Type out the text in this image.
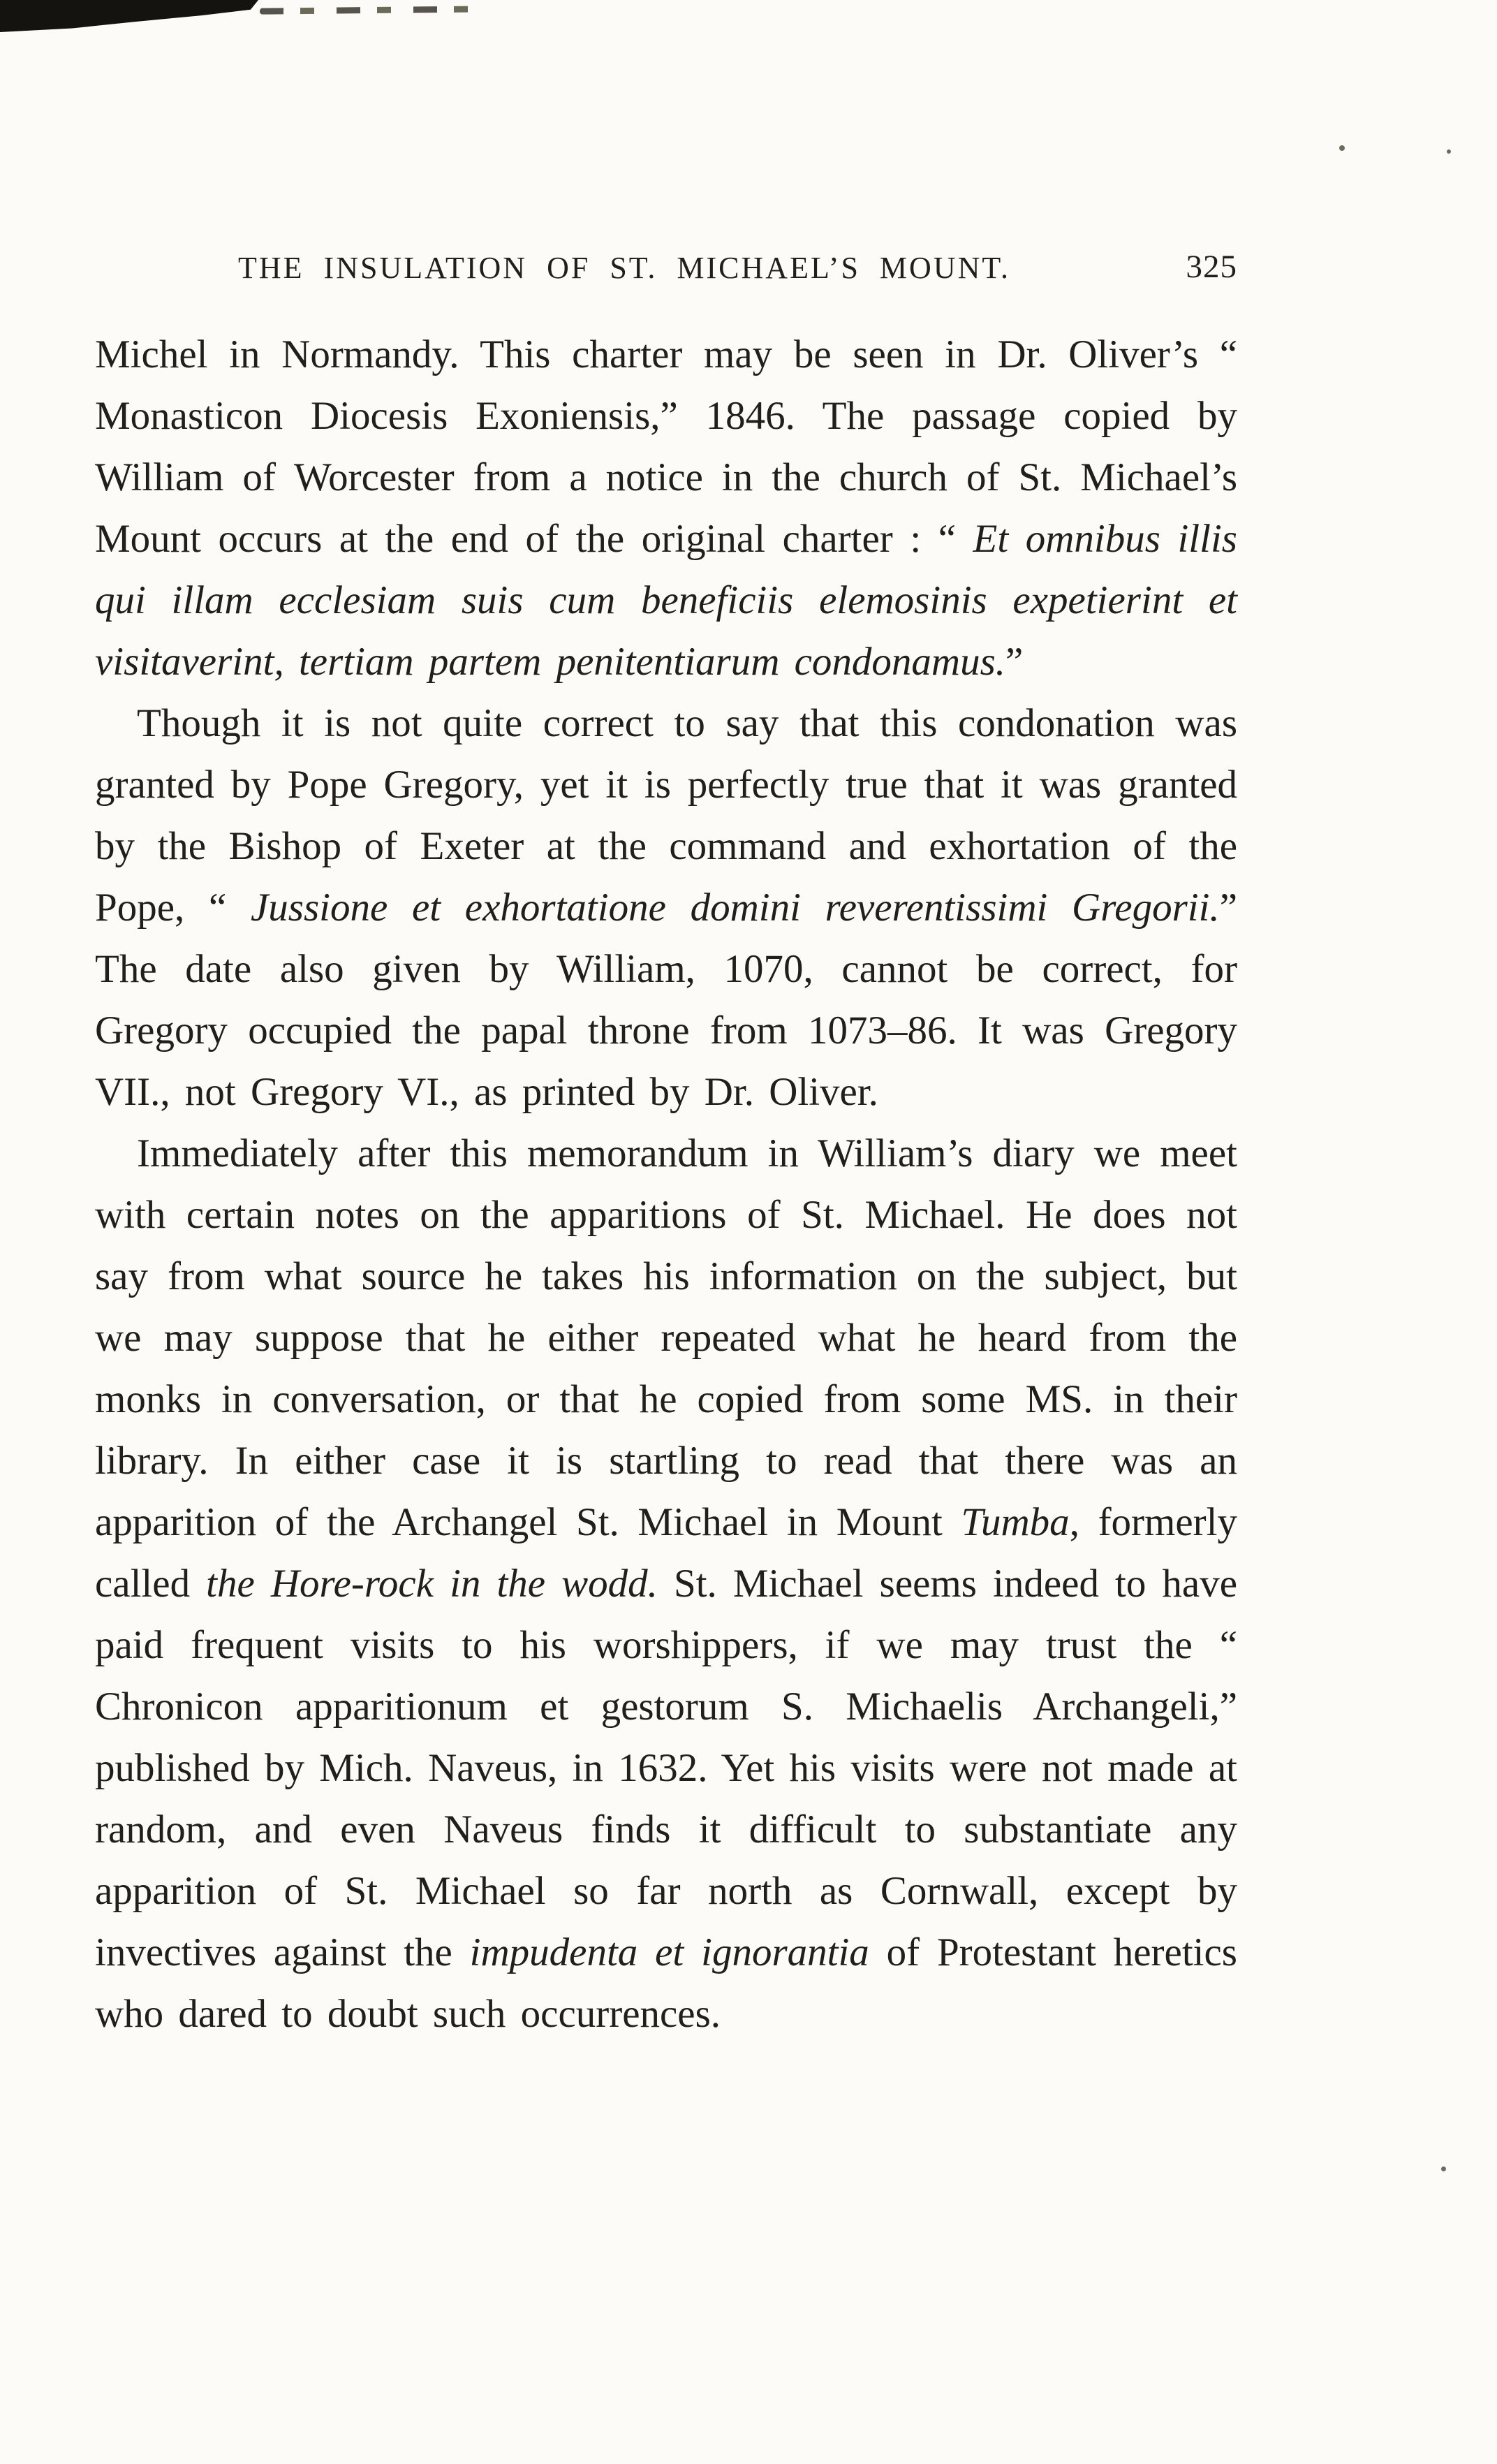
THE INSULATION OF ST. MICHAEL’S MOUNT.	325

Michel in Normandy. This charter may be seen in Dr. Oliver’s “ Monasticon Diocesis Exoniensis,” 1846. The passage copied by William of Worcester from a notice in the church of St. Michael’s Mount occurs at the end of the original charter : “ Et omnibus illis qui illam ecclesiam suis cum beneficiis elemosinis expetierint et visitaverint, tertiam partem penitentiarum condonamus.”

Though it is not quite correct to say that this condonation was granted by Pope Gregory, yet it is perfectly true that it was granted by the Bishop of Exeter at the command and exhortation of the Pope, “ Jussione et exhortatione domini reverentissimi Gregorii.” The date also given by William, 1070, cannot be correct, for Gregory occupied the papal throne from 1073–86. It was Gregory VII., not Gregory VI., as printed by Dr. Oliver.

Immediately after this memorandum in William’s diary we meet with certain notes on the apparitions of St. Michael. He does not say from what source he takes his information on the subject, but we may suppose that he either repeated what he heard from the monks in conversation, or that he copied from some MS. in their library. In either case it is startling to read that there was an apparition of the Archangel St. Michael in Mount Tumba, formerly called the Hore-rock in the wodd. St. Michael seems indeed to have paid frequent visits to his worshippers, if we may trust the “ Chronicon apparitionum et gestorum S. Michaelis Archangeli,” published by Mich. Naveus, in 1632. Yet his visits were not made at random, and even Naveus finds it difficult to substantiate any apparition of St. Michael so far north as Cornwall, except by invectives against the impudenta et ignorantia of Protestant heretics who dared to doubt such occurrences.
